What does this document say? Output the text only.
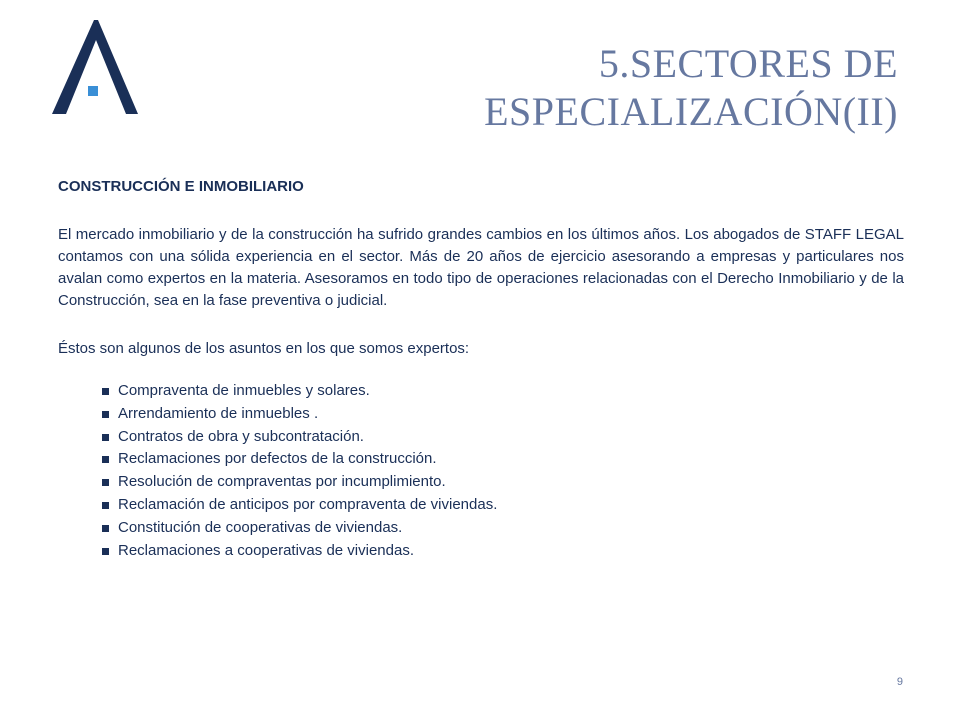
5.SECTORES DE
ESPECIALIZACIÓN(II)
CONSTRUCCIÓN E INMOBILIARIO

El mercado inmobiliario y de la construcción ha sufrido grandes cambios en los últimos años. Los abogados de STAFF LEGAL contamos con una sólida experiencia en el sector. Más de 20 años de ejercicio asesorando a empresas y particulares nos avalan como expertos en la materia. Asesoramos en todo tipo de operaciones relacionadas con el Derecho Inmobiliario y de la Construcción, sea en la fase preventiva o judicial.

Éstos son algunos de los asuntos en los que somos expertos:

Compraventa de inmuebles y solares.
Arrendamiento de inmuebles .
Contratos de obra y subcontratación.
Reclamaciones por defectos de la construcción.
Resolución de compraventas por incumplimiento.
Reclamación de anticipos por compraventa de viviendas.
Constitución de cooperativas de viviendas.
Reclamaciones a cooperativas de viviendas.
9
